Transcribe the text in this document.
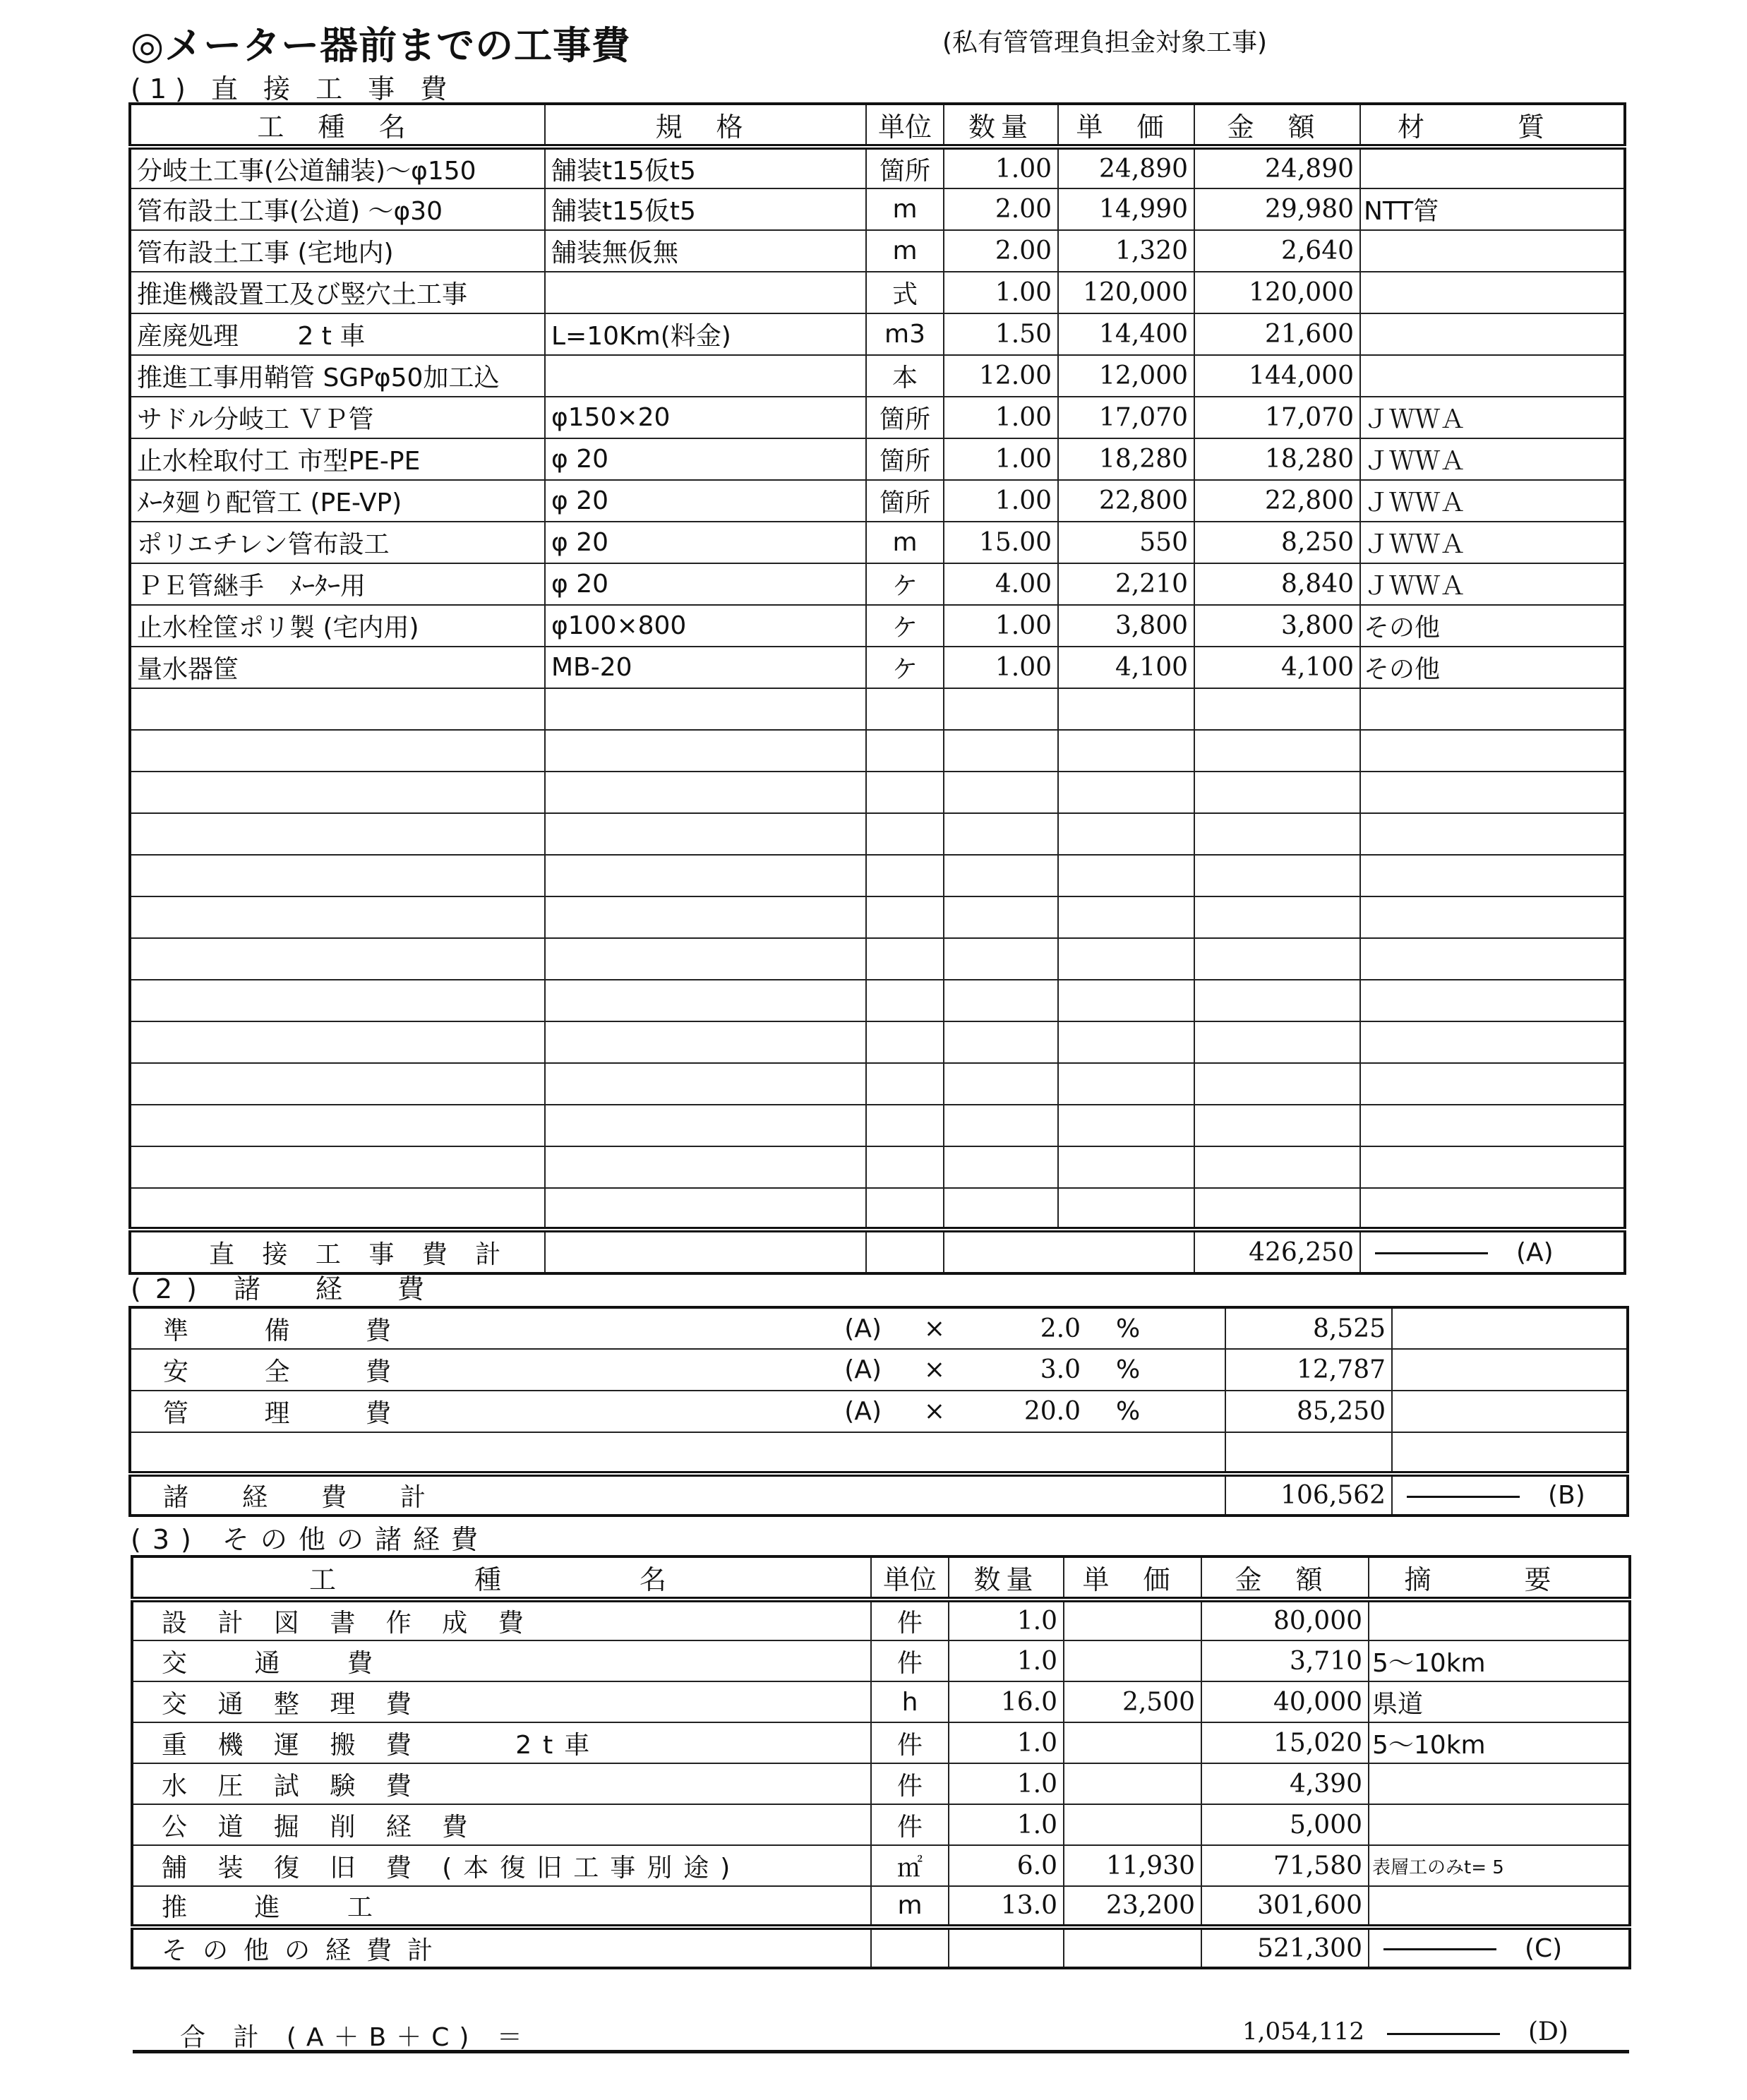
◎メーター器前までの工事費	(私有管管理負担金対象工事)
(1) 直 接 工 事 費
工 種 名	規 格	単位	数量	単 価	金 額	材 質
分岐土工事(公道舗装)～φ150	舗装t15仮t5	箇所	1.00	24,890	24,890	
管布設土工事(公道) ～φ30	舗装t15仮t5	m	2.00	14,990	29,980	NTT管
管布設土工事 (宅地内)	舗装無仮無	m	2.00	1,320	2,640	
推進機設置工及び竪穴土工事		式	1.00	120,000	120,000	
産廃処理　　 2 t 車	L=10Km(料金)	m3	1.50	14,400	21,600	
推進工事用鞘管 SGPφ50加工込		本	12.00	12,000	144,000	
サドル分岐工 ＶＰ管	φ150×20	箇所	1.00	17,070	17,070	ＪＷＷＡ
止水栓取付工 市型PE-PE	φ 20	箇所	1.00	18,280	18,280	ＪＷＷＡ
ﾒｰﾀ廻り配管工 (PE-VP)	φ 20	箇所	1.00	22,800	22,800	ＪＷＷＡ
ポリエチレン管布設工	φ 20	m	15.00	550	8,250	ＪＷＷＡ
ＰＥ管継手　ﾒｰﾀｰ用	φ 20	ケ	4.00	2,210	8,840	ＪＷＷＡ
止水栓筐ポリ製 (宅内用)	φ100×800	ケ	1.00	3,800	3,800	その他
量水器筐	MB-20	ケ	1.00	4,100	4,100	その他

直 接 工 事 費 計					426,250	(A)
(2) 諸　経　費
準　 備　 費	(A)	×	2.0	%	8,525	
安　 全　 費	(A)	×	3.0	%	12,787	
管　 理　 費	(A)	×	20.0	%	85,250	

諸　経　費　計					106,562	(B)
(3) その他の諸経費
工　　種　　名	単位	数量	単 価	金 額	摘 要
設 計 図 書 作 成 費	件	1.0		80,000	
交　 通　 費	件	1.0		3,710	5～10km
交 通 整 理 費	h	16.0	2,500	40,000	県道
重 機 運 搬 費　　 2t車	件	1.0		15,020	5～10km
水 圧 試 験 費	件	1.0		4,390	
公 道 掘 削 経 費	件	1.0		5,000	
舗 装 復 旧 費 (本復旧工事別途)	㎡	6.0	11,930	71,580	表層工のみt= 5
推　 進　 工	m	13.0	23,200	301,600	
その他の経費計				521,300	(C)
合 計 (A＋B＋C) ＝	1,054,112	(D)
